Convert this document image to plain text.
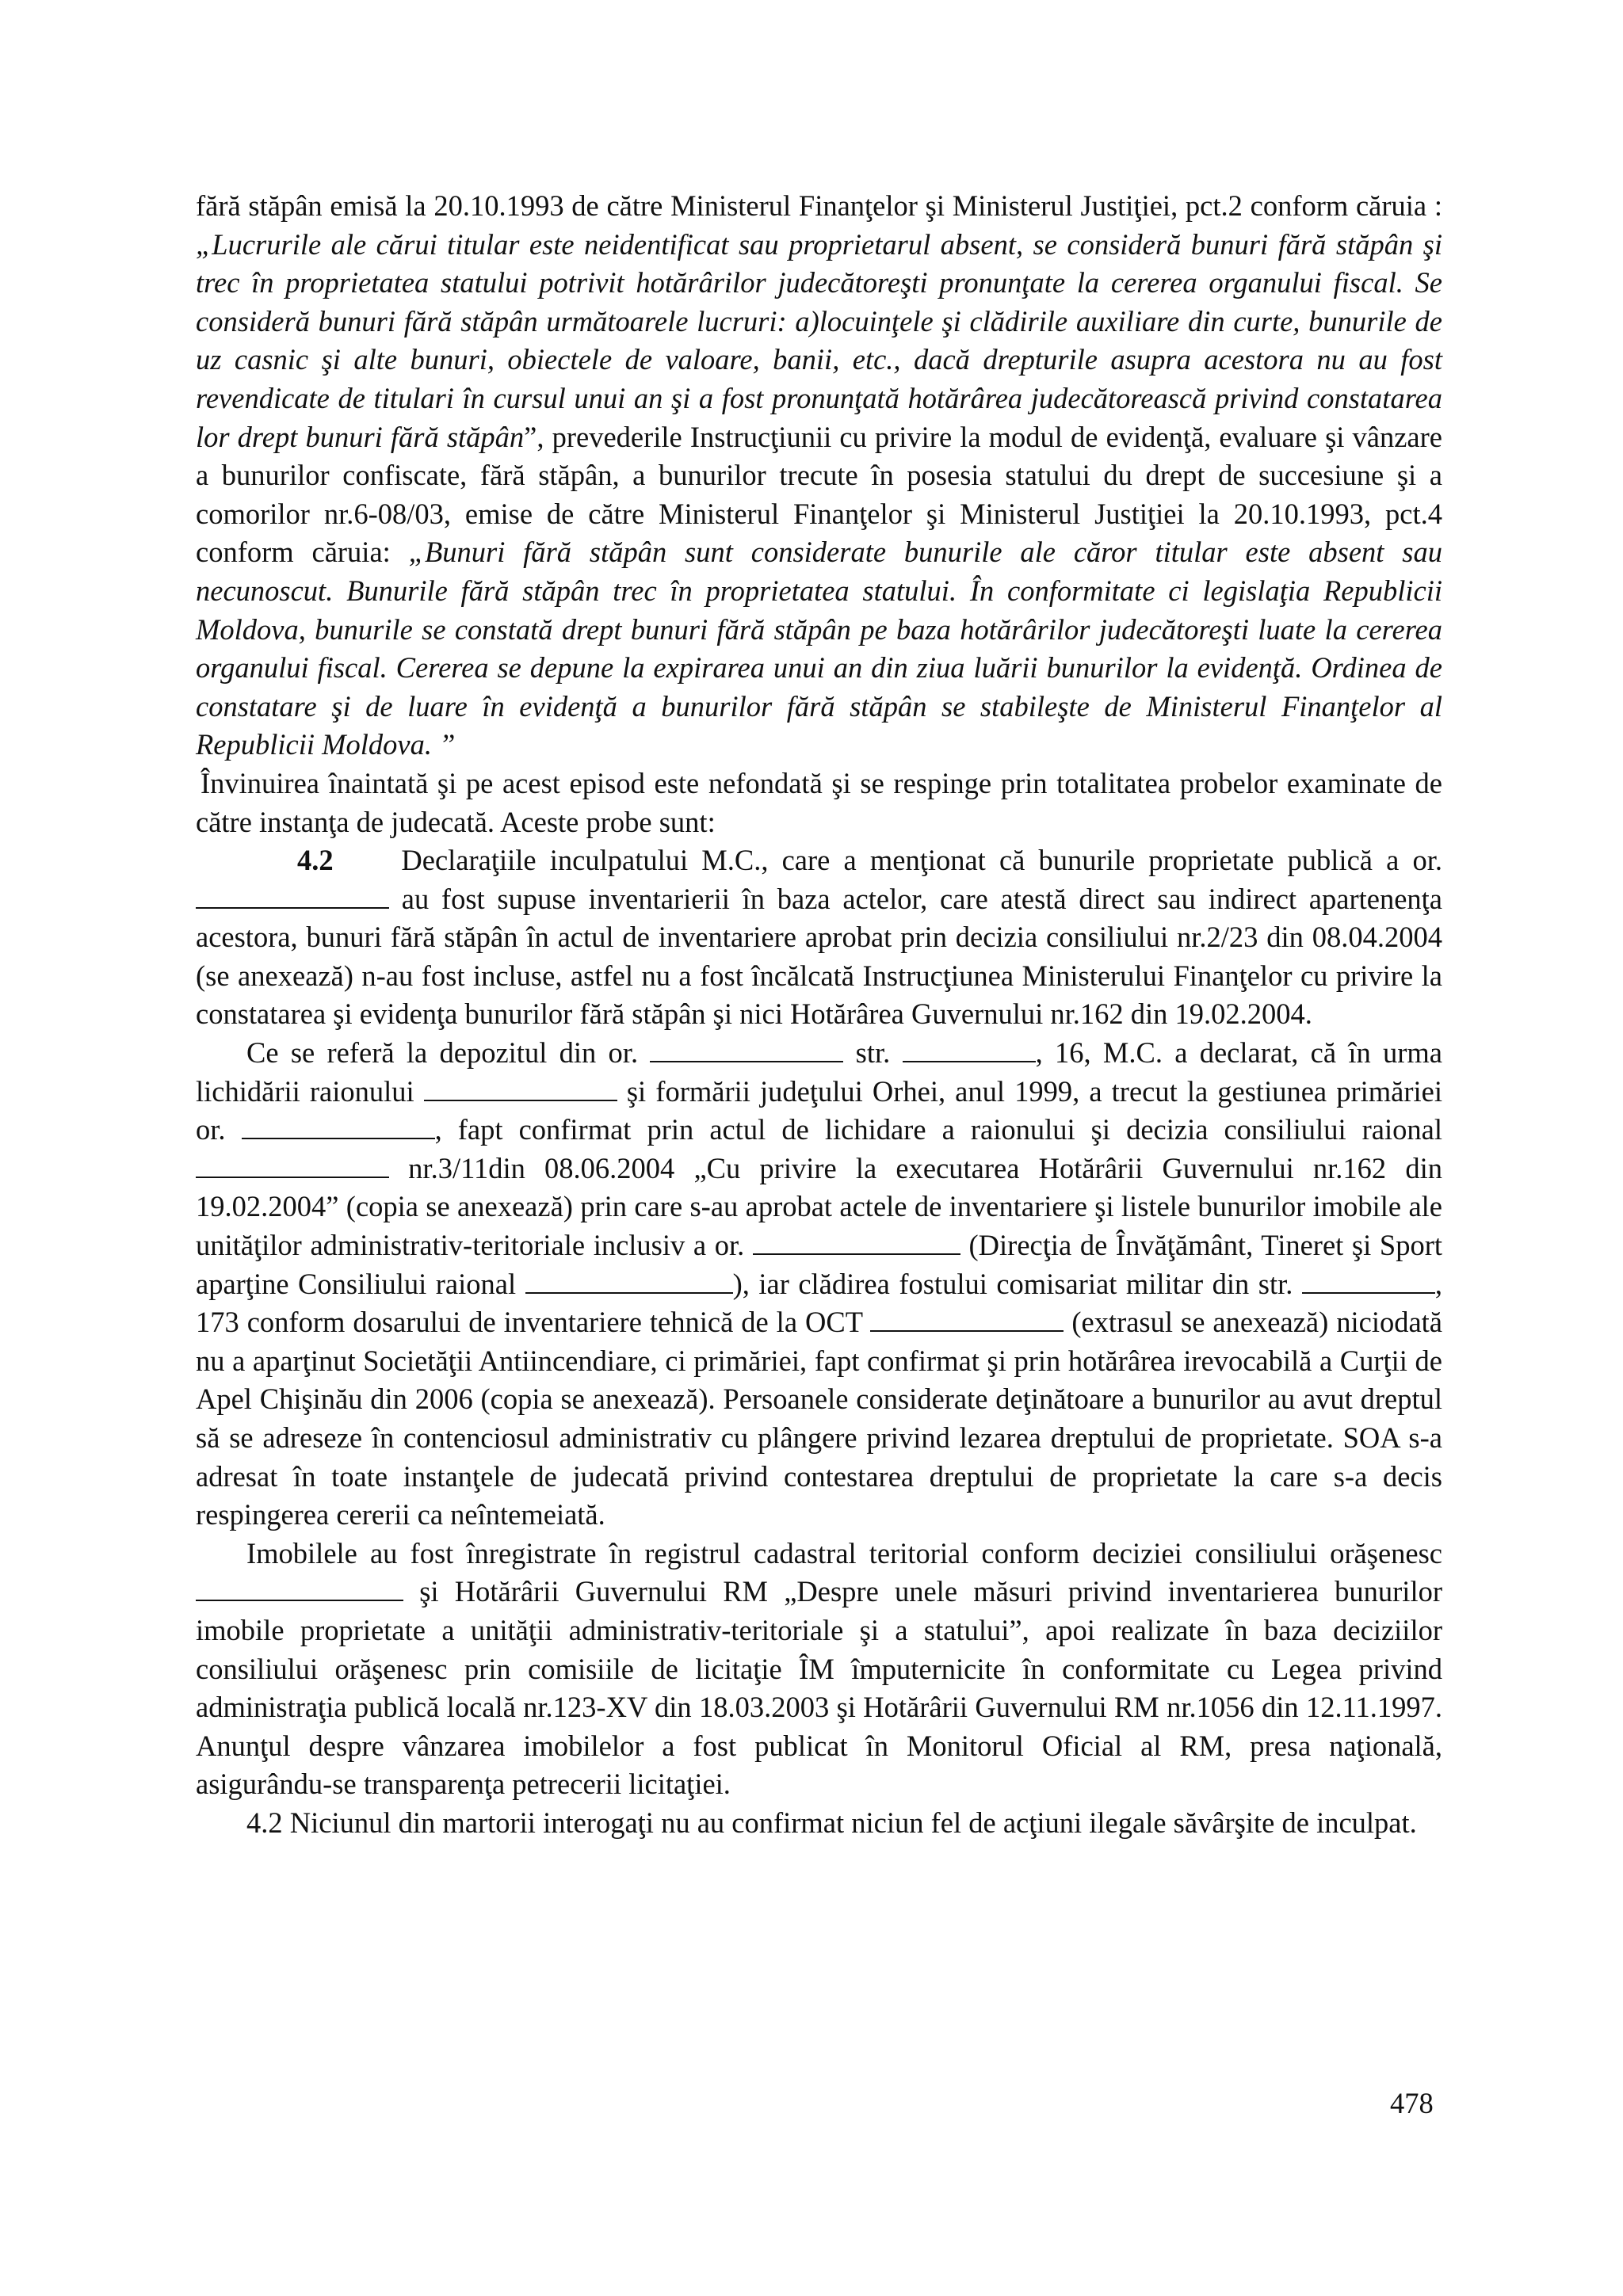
fără stăpân emisă la 20.10.1993 de către Ministerul Finanţelor şi Ministerul Justiţiei, pct.2 conform căruia : „Lucrurile ale cărui titular este neidentificat sau proprietarul absent, se consideră bunuri fără stăpân şi trec în proprietatea statului potrivit hotărârilor judecătoreşti pronunţate la cererea organului fiscal. Se consideră bunuri fără stăpân următoarele lucruri: a)locuinţele şi clădirile auxiliare din curte, bunurile de uz casnic şi alte bunuri, obiectele de valoare, banii, etc., dacă drepturile asupra acestora nu au fost revendicate de titulari în cursul unui an şi a fost pronunţată hotărârea judecătorească privind constatarea lor drept bunuri fără stăpân”, prevederile Instrucţiunii cu privire la modul de evidenţă, evaluare şi vânzare a bunurilor confiscate, fără stăpân, a bunurilor trecute în posesia statului du drept de succesiune şi a comorilor nr.6-08/03, emise de către Ministerul Finanţelor şi Ministerul Justiţiei la 20.10.1993, pct.4 conform căruia: „Bunuri fără stăpân sunt considerate bunurile ale căror titular este absent sau necunoscut. Bunurile fără stăpân trec în proprietatea statului. În conformitate ci legislaţia Republicii Moldova, bunurile se constată drept bunuri fără stăpân pe baza hotărârilor judecătoreşti luate la cererea organului fiscal. Cererea se depune la expirarea unui an din ziua luării bunurilor la evidenţă. Ordinea de constatare şi de luare în evidenţă a bunurilor fără stăpân se stabileşte de Ministerul Finanţelor al Republicii Moldova. ”

Învinuirea înaintată şi pe acest episod este nefondată şi se respinge prin totalitatea probelor examinate de către instanţa de judecată. Aceste probe sunt:

4.2 Declaraţiile inculpatului M.C., care a menţionat că bunurile proprietate publică a or.  au fost supuse inventarierii în baza actelor, care atestă direct sau indirect apartenenţa acestora, bunuri fără stăpân în actul de inventariere aprobat prin decizia consiliului nr.2/23 din 08.04.2004 (se anexează) n-au fost incluse, astfel nu a fost încălcată Instrucţiunea Ministerului Finanţelor cu privire la constatarea şi evidenţa bunurilor fără stăpân şi nici Hotărârea Guvernului nr.162 din 19.02.2004.

Ce se referă la depozitul din or.	str.	, 16, M.C. a declarat, că în urma lichidării raionului	şi formării judeţului Orhei, anul 1999, a trecut la gestiunea primăriei or.	, fapt confirmat prin actul de lichidare a raionului şi decizia consiliului raional  nr.3/11din 08.06.2004 „Cu privire la executarea Hotărârii Guvernului nr.162 din 19.02.2004” (copia se anexează) prin care s-au aprobat actele de inventariere şi listele bunurilor imobile ale unităţilor administrativ-teritoriale inclusiv a or.	(Direcţia de Învăţământ, Tineret şi Sport aparţine Consiliului raional	), iar clădirea fostului comisariat militar din str.	, 173 conform dosarului de inventariere tehnică de la OCT	(extrasul se anexează) niciodată nu a aparţinut Societăţii Antiincendiare, ci primăriei, fapt confirmat şi prin hotărârea irevocabilă a Curţii de Apel Chişinău din 2006 (copia se anexează). Persoanele considerate deţinătoare a bunurilor au avut dreptul să se adreseze în contenciosul administrativ cu plângere privind lezarea dreptului de proprietate. SOA s-a adresat în toate instanţele de judecată privind contestarea dreptului de proprietate la care s-a decis respingerea cererii ca neîntemeiată.

Imobilele au fost înregistrate în registrul cadastral teritorial conform deciziei consiliului orăşenesc  şi Hotărârii Guvernului RM „Despre unele măsuri privind inventarierea bunurilor imobile proprietate a unităţii administrativ-teritoriale şi a statului”, apoi realizate în baza deciziilor consiliului orăşenesc prin comisiile de licitaţie ÎM împuternicite în conformitate cu Legea privind administraţia publică locală nr.123-XV din 18.03.2003 şi Hotărârii Guvernului RM nr.1056 din 12.11.1997. Anunţul despre vânzarea imobilelor a fost publicat în Monitorul Oficial al RM, presa naţională, asigurându-se transparenţa petrecerii licitaţiei.

4.2 Niciunul din martorii interogaţi nu au confirmat niciun fel de acţiuni ilegale săvârşite de inculpat.

478
